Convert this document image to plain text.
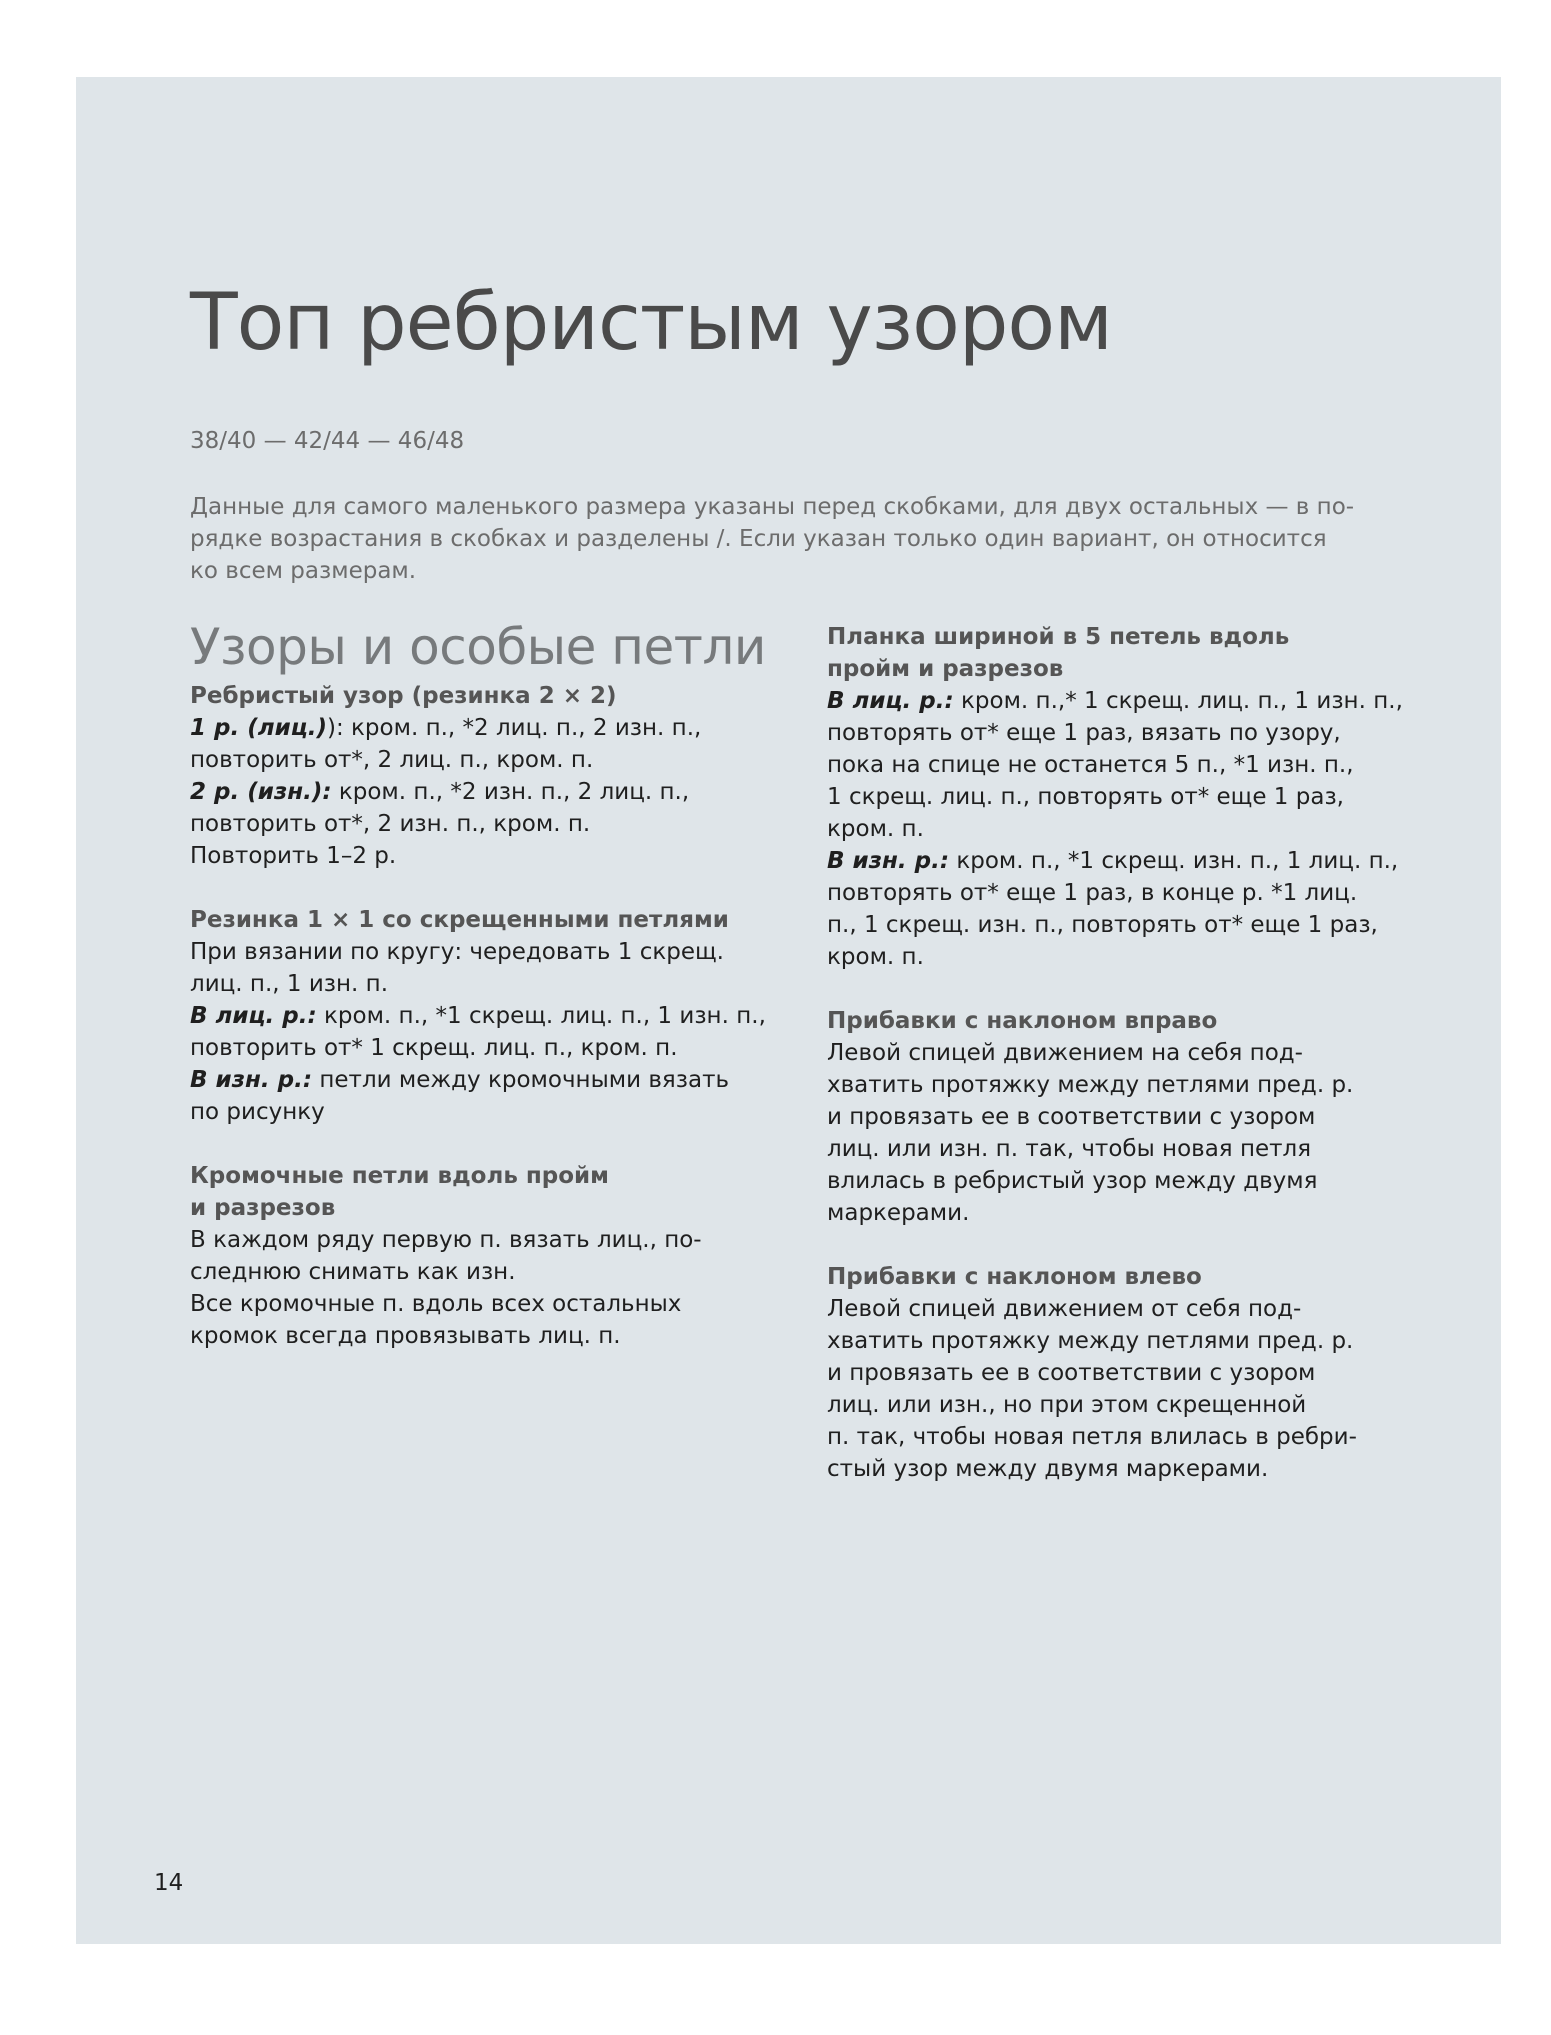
Топ ребристым узором

38/40 — 42/44 — 46/48

Данные для самого маленького размера указаны перед скобками, для двух остальных — в по-
рядке возрастания в скобках и разделены /. Если указан только один вариант, он относится
ко всем размерам.

Узоры и особые петли
Ребристый узор (резинка 2 × 2)
1 р. (лиц.)): кром. п., *2 лиц. п., 2 изн. п.,
повторить от*, 2 лиц. п., кром. п.
2 р. (изн.): кром. п., *2 изн. п., 2 лиц. п.,
повторить от*, 2 изн. п., кром. п.
Повторить 1–2 р.
Резинка 1 × 1 со скрещенными петлями
При вязании по кругу: чередовать 1 скрещ.
лиц. п., 1 изн. п.
В лиц. р.: кром. п., *1 скрещ. лиц. п., 1 изн. п.,
повторить от* 1 скрещ. лиц. п., кром. п.
В изн. р.: петли между кромочными вязать
по рисунку
Кромочные петли вдоль пройм
и разрезов
В каждом ряду первую п. вязать лиц., по-
следнюю снимать как изн.
Все кромочные п. вдоль всех остальных
кромок всегда провязывать лиц. п.
Планка шириной в 5 петель вдоль
пройм и разрезов
В лиц. р.: кром. п.,* 1 скрещ. лиц. п., 1 изн. п.,
повторять от* еще 1 раз, вязать по узору,
пока на спице не останется 5 п., *1 изн. п.,
1 скрещ. лиц. п., повторять от* еще 1 раз,
кром. п.
В изн. р.: кром. п., *1 скрещ. изн. п., 1 лиц. п.,
повторять от* еще 1 раз, в конце р. *1 лиц.
п., 1 скрещ. изн. п., повторять от* еще 1 раз,
кром. п.
Прибавки с наклоном вправо
Левой спицей движением на себя под-
хватить протяжку между петлями пред. р.
и провязать ее в соответствии с узором
лиц. или изн. п. так, чтобы новая петля
влилась в ребристый узор между двумя
маркерами.
Прибавки с наклоном влево
Левой спицей движением от себя под-
хватить протяжку между петлями пред. р.
и провязать ее в соответствии с узором
лиц. или изн., но при этом скрещенной
п. так, чтобы новая петля влилась в ребри-
стый узор между двумя маркерами.
14
